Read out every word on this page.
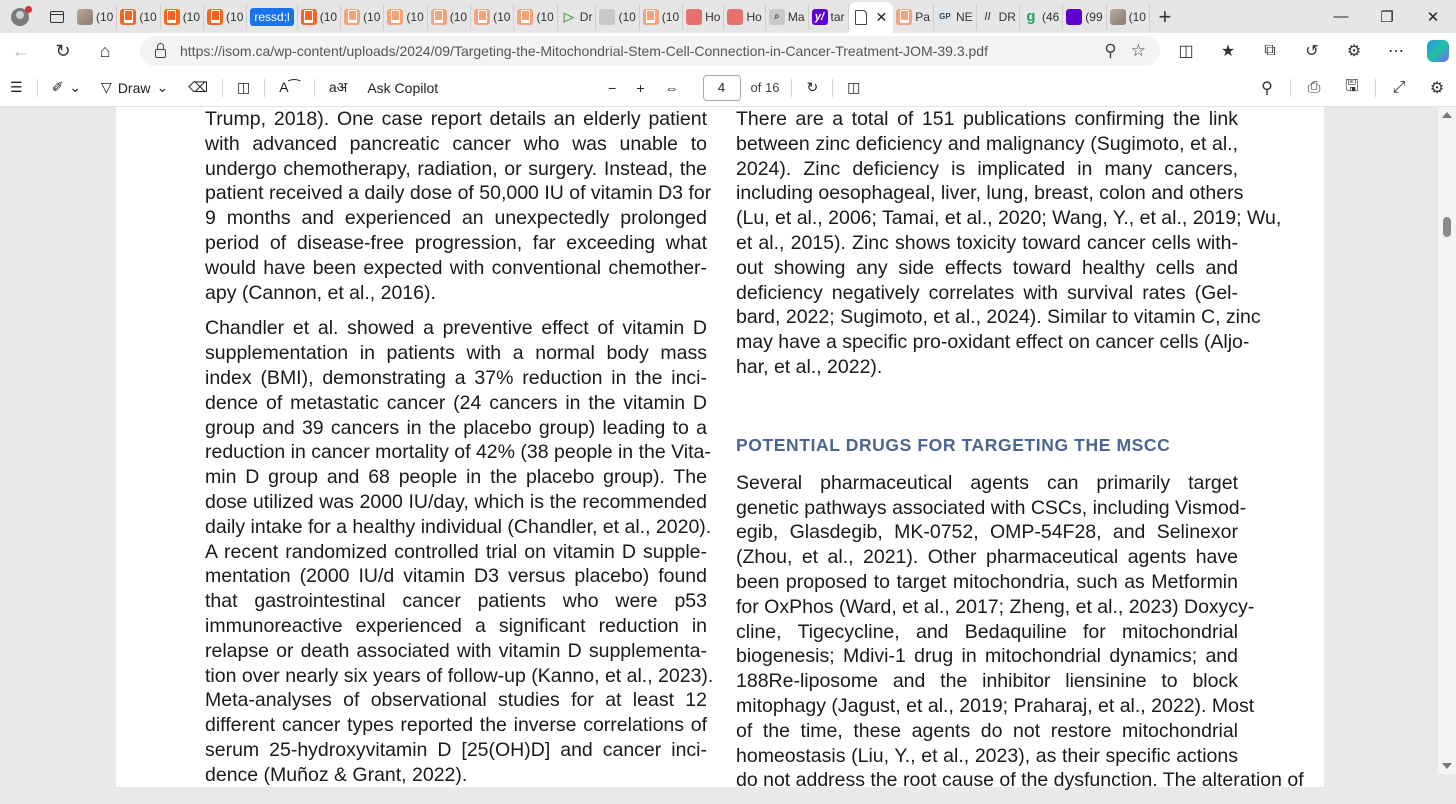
(10 (10 (10 (10 ressd;l	(10 (10 (10 (10 (10 (10 ▷ Dr (10 (10 Ho Ho	⌕ Ma y/ tar ✕ Pa GP NE	// DR g (46 (99 (10 +	—	❐	✕
←	↻	⌂	https://isom.ca/wp-content/uploads/2024/09/Targeting-the-Mitochondrial-Stem-Cell-Connection-in-Cancer-Treatment-JOM-39.3.pdf	⚲ ☆	◫	★	⧉	↺	⚙	⋯
☰ ✐ ⌄ ▽ Draw ⌄ ⌫ ◫ A⁀ aअ Ask Copilot	− + ⇔	4	of 16 ↻ ◫	⚲	⎙	🖫	⤢	⚙
Trump, 2018). One case report details an elderly patient
with advanced pancreatic cancer who was unable to
undergo chemotherapy, radiation, or surgery. Instead, the
patient received a daily dose of 50,000 IU of vitamin D3 for
9 months and experienced an unexpectedly prolonged
period of disease-free progression, far exceeding what
would have been expected with conventional chemother-
apy (Cannon, et al., 2016).
Chandler et al. showed a preventive effect of vitamin D
supplementation in patients with a normal body mass
index (BMI), demonstrating a 37% reduction in the inci-
dence of metastatic cancer (24 cancers in the vitamin D
group and 39 cancers in the placebo group) leading to a
reduction in cancer mortality of 42% (38 people in the Vita-
min D group and 68 people in the placebo group). The
dose utilized was 2000 IU/day, which is the recommended
daily intake for a healthy individual (Chandler, et al., 2020).
A recent randomized controlled trial on vitamin D supple-
mentation (2000 IU/d vitamin D3 versus placebo) found
that gastrointestinal cancer patients who were p53
immunoreactive experienced a significant reduction in
relapse or death associated with vitamin D supplementa-
tion over nearly six years of follow-up (Kanno, et al., 2023).
Meta-analyses of observational studies for at least 12
different cancer types reported the inverse correlations of
serum 25-hydroxyvitamin D [25(OH)D] and cancer inci-
dence (Muñoz & Grant, 2022).
There are a total of 151 publications confirming the link
between zinc deficiency and malignancy (Sugimoto, et al.,
2024). Zinc deficiency is implicated in many cancers,
including oesophageal, liver, lung, breast, colon and others
(Lu, et al., 2006; Tamai, et al., 2020; Wang, Y., et al., 2019; Wu,
et al., 2015). Zinc shows toxicity toward cancer cells with-
out showing any side effects toward healthy cells and
deficiency negatively correlates with survival rates (Gel-
bard, 2022; Sugimoto, et al., 2024). Similar to vitamin C, zinc
may have a specific pro-oxidant effect on cancer cells (Aljo-
har, et al., 2022).
POTENTIAL DRUGS FOR TARGETING THE MSCC
Several pharmaceutical agents can primarily target
genetic pathways associated with CSCs, including Vismod-
egib, Glasdegib, MK-0752, OMP-54F28, and Selinexor
(Zhou, et al., 2021). Other pharmaceutical agents have
been proposed to target mitochondria, such as Metformin
for OxPhos (Ward, et al., 2017; Zheng, et al., 2023) Doxycy-
cline, Tigecycline, and Bedaquiline for mitochondrial
biogenesis; Mdivi-1 drug in mitochondrial dynamics; and
188Re-liposome and the inhibitor liensinine to block
mitophagy (Jagust, et al., 2019; Praharaj, et al., 2022). Most
of the time, these agents do not restore mitochondrial
homeostasis (Liu, Y., et al., 2023), as their specific actions
do not address the root cause of the dysfunction. The alteration of
